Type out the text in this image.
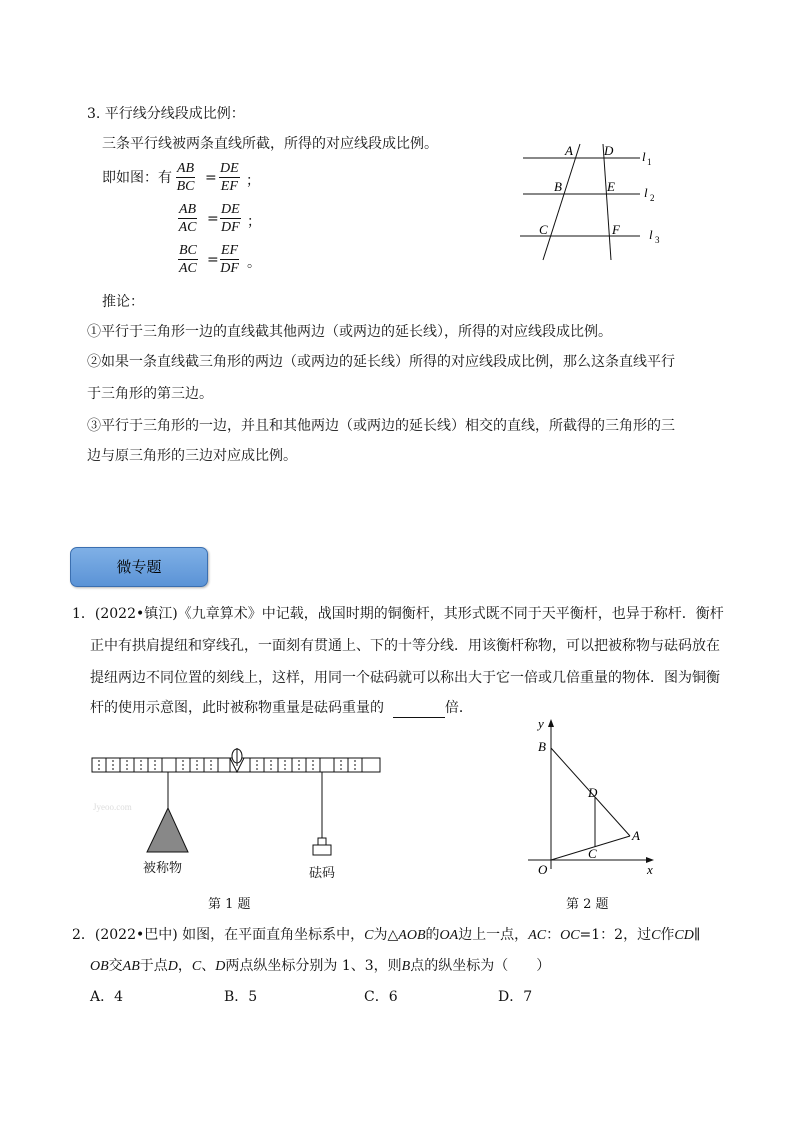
3. 平行线分线段成比例：
三条平行线被两条直线所截，所得的对应线段成比例。
即如图：有 $\frac{AB}{BC} = \frac{DE}{EF}$ ；
$\frac{AB}{AC} = \frac{DE}{DF}$ ；
$\frac{BC}{AC} = \frac{EF}{DF}$ 。
A D
B	E
C	F
l 1
l 2
l 3
推论：
①平行于三角形一边的直线截其他两边（或两边的延长线），所得的对应线段成比例。
②如果一条直线截三角形的两边（或两边的延长线）所得的对应线段成比例，那么这条直线平行
于三角形的第三边。
③平行于三角形的一边，并且和其他两边（或两边的延长线）相交的直线，所截得的三角形的三
边与原三角形的三边对应成比例。
微专题
1．(2022•镇江)《九章算术》中记载，战国时期的铜衡杆，其形式既不同于天平衡杆，也异于称杆．衡杆
正中有拱肩提纽和穿线孔，一面刻有贯通上、下的十等分线．用该衡杆称物，可以把被称物与砝码放在
提纽两边不同位置的刻线上，这样，用同一个砝码就可以称出大于它一倍或几倍重量的物体．图为铜衡
杆的使用示意图，此时被称物重量是砝码重量的	倍．
Jyeoo.com
被称物	砝码
第 1 题
y
x
B
D
A
C
O
第 2 题
2．(2022•巴中) 如图，在平面直角坐标系中，C为△AOB的OA边上一点，AC：OC=1：2，过C作CD∥
OB交AB于点D，C、D两点纵坐标分别为 1、3，则B点的纵坐标为（　　）
A．4	B．5	C．6	D．7
